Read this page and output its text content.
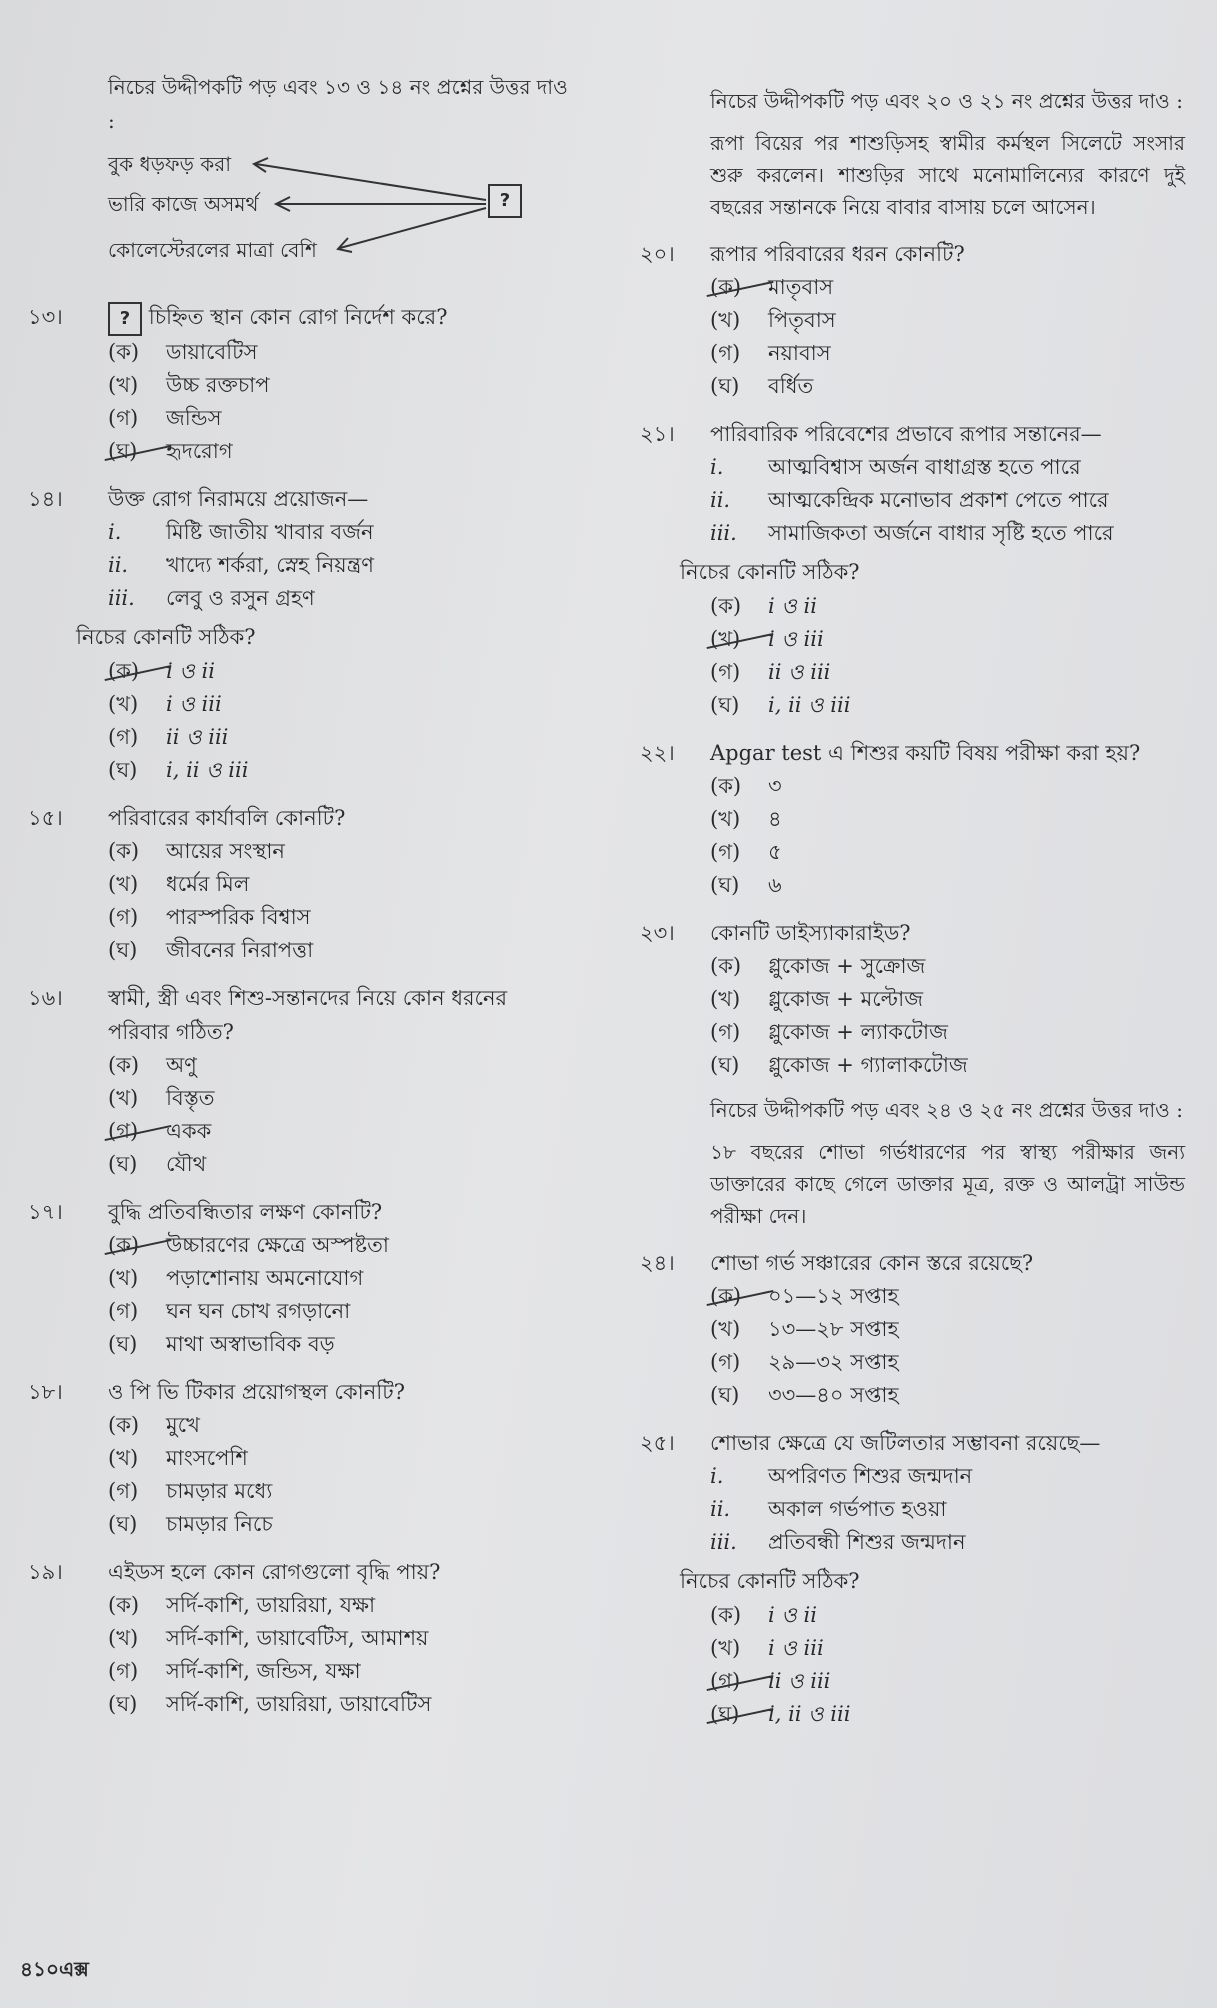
নিচের উদ্দীপকটি পড় এবং ১৩ ও ১৪ নং প্রশ্নের উত্তর দাও :
বুক ধড়ফড় করা
ভারি কাজে অসমর্থ
কোলেস্টেরলের মাত্রা বেশি
?
১৩।	? চিহ্নিত স্থান কোন রোগ নির্দেশ করে?
(ক)	ডায়াবেটিস
(খ)	উচ্চ রক্তচাপ
(গ)	জন্ডিস
(ঘ)	হৃদরোগ
১৪। উক্ত রোগ নিরাময়ে প্রয়োজন—
i.	মিষ্টি জাতীয় খাবার বর্জন
ii.	খাদ্যে শর্করা, স্নেহ নিয়ন্ত্রণ
iii.	লেবু ও রসুন গ্রহণ
নিচের কোনটি সঠিক?
(ক)	i ও ii
(খ)	i ও iii
(গ)	ii ও iii
(ঘ)	i, ii ও iii
১৫। পরিবারের কার্যাবলি কোনটি?
(ক)	আয়ের সংস্থান
(খ)	ধর্মের মিল
(গ)	পারস্পরিক বিশ্বাস
(ঘ)	জীবনের নিরাপত্তা
১৬। স্বামী, স্ত্রী এবং শিশু-সন্তানদের নিয়ে কোন ধরনের পরিবার গঠিত?
(ক)	অণু
(খ)	বিস্তৃত
(গ)	একক
(ঘ)	যৌথ
১৭। বুদ্ধি প্রতিবন্ধিতার লক্ষণ কোনটি?
(ক)	উচ্চারণের ক্ষেত্রে অস্পষ্টতা
(খ)	পড়াশোনায় অমনোযোগ
(গ)	ঘন ঘন চোখ রগড়ানো
(ঘ)	মাথা অস্বাভাবিক বড়
১৮। ও পি ভি টিকার প্রয়োগস্থল কোনটি?
(ক)	মুখে
(খ)	মাংসপেশি
(গ)	চামড়ার মধ্যে
(ঘ)	চামড়ার নিচে
১৯। এইডস হলে কোন রোগগুলো বৃদ্ধি পায়?
(ক)	সর্দি-কাশি, ডায়রিয়া, যক্ষা
(খ)	সর্দি-কাশি, ডায়াবেটিস, আমাশয়
(গ)	সর্দি-কাশি, জন্ডিস, যক্ষা
(ঘ)	সর্দি-কাশি, ডায়রিয়া, ডায়াবেটিস
নিচের উদ্দীপকটি পড় এবং ২০ ও ২১ নং প্রশ্নের উত্তর দাও :
রূপা বিয়ের পর শাশুড়িসহ স্বামীর কর্মস্থল সিলেটে সংসার শুরু করলেন। শাশুড়ির সাথে মনোমালিন্যের কারণে দুই বছরের সন্তানকে নিয়ে বাবার বাসায় চলে আসেন।
২০। রূপার পরিবারের ধরন কোনটি?
(ক)	মাতৃবাস
(খ)	পিতৃবাস
(গ)	নয়াবাস
(ঘ)	বর্ধিত
২১। পারিবারিক পরিবেশের প্রভাবে রূপার সন্তানের—
i.	আত্মবিশ্বাস অর্জন বাধাগ্রস্ত হতে পারে
ii.	আত্মকেন্দ্রিক মনোভাব প্রকাশ পেতে পারে
iii.	সামাজিকতা অর্জনে বাধার সৃষ্টি হতে পারে
নিচের কোনটি সঠিক?
(ক)	i ও ii
(খ)	i ও iii
(গ)	ii ও iii
(ঘ)	i, ii ও iii
২২। Apgar test এ শিশুর কয়টি বিষয় পরীক্ষা করা হয়?
(ক)	৩
(খ)	৪
(গ)	৫
(ঘ)	৬
২৩। কোনটি ডাইস্যাকারাইড?
(ক)	গ্লুকোজ + সুক্রোজ
(খ)	গ্লুকোজ + মল্টোজ
(গ)	গ্লুকোজ + ল্যাকটোজ
(ঘ)	গ্লুকোজ + গ্যালাকটোজ
নিচের উদ্দীপকটি পড় এবং ২৪ ও ২৫ নং প্রশ্নের উত্তর দাও :
১৮ বছরের শোভা গর্ভধারণের পর স্বাস্থ্য পরীক্ষার জন্য ডাক্তারের কাছে গেলে ডাক্তার মূত্র, রক্ত ও আলট্রা সাউন্ড পরীক্ষা দেন।
২৪। শোভা গর্ভ সঞ্চারের কোন স্তরে রয়েছে?
(ক)	০১—১২ সপ্তাহ
(খ)	১৩—২৮ সপ্তাহ
(গ)	২৯—৩২ সপ্তাহ
(ঘ)	৩৩—৪০ সপ্তাহ
২৫। শোভার ক্ষেত্রে যে জটিলতার সম্ভাবনা রয়েছে—
i.	অপরিণত শিশুর জন্মদান
ii.	অকাল গর্ভপাত হওয়া
iii.	প্রতিবন্ধী শিশুর জন্মদান
নিচের কোনটি সঠিক?
(ক)	i ও ii
(খ)	i ও iii
(গ)	ii ও iii
(ঘ)	i, ii ও iii
৪১০এক্স
